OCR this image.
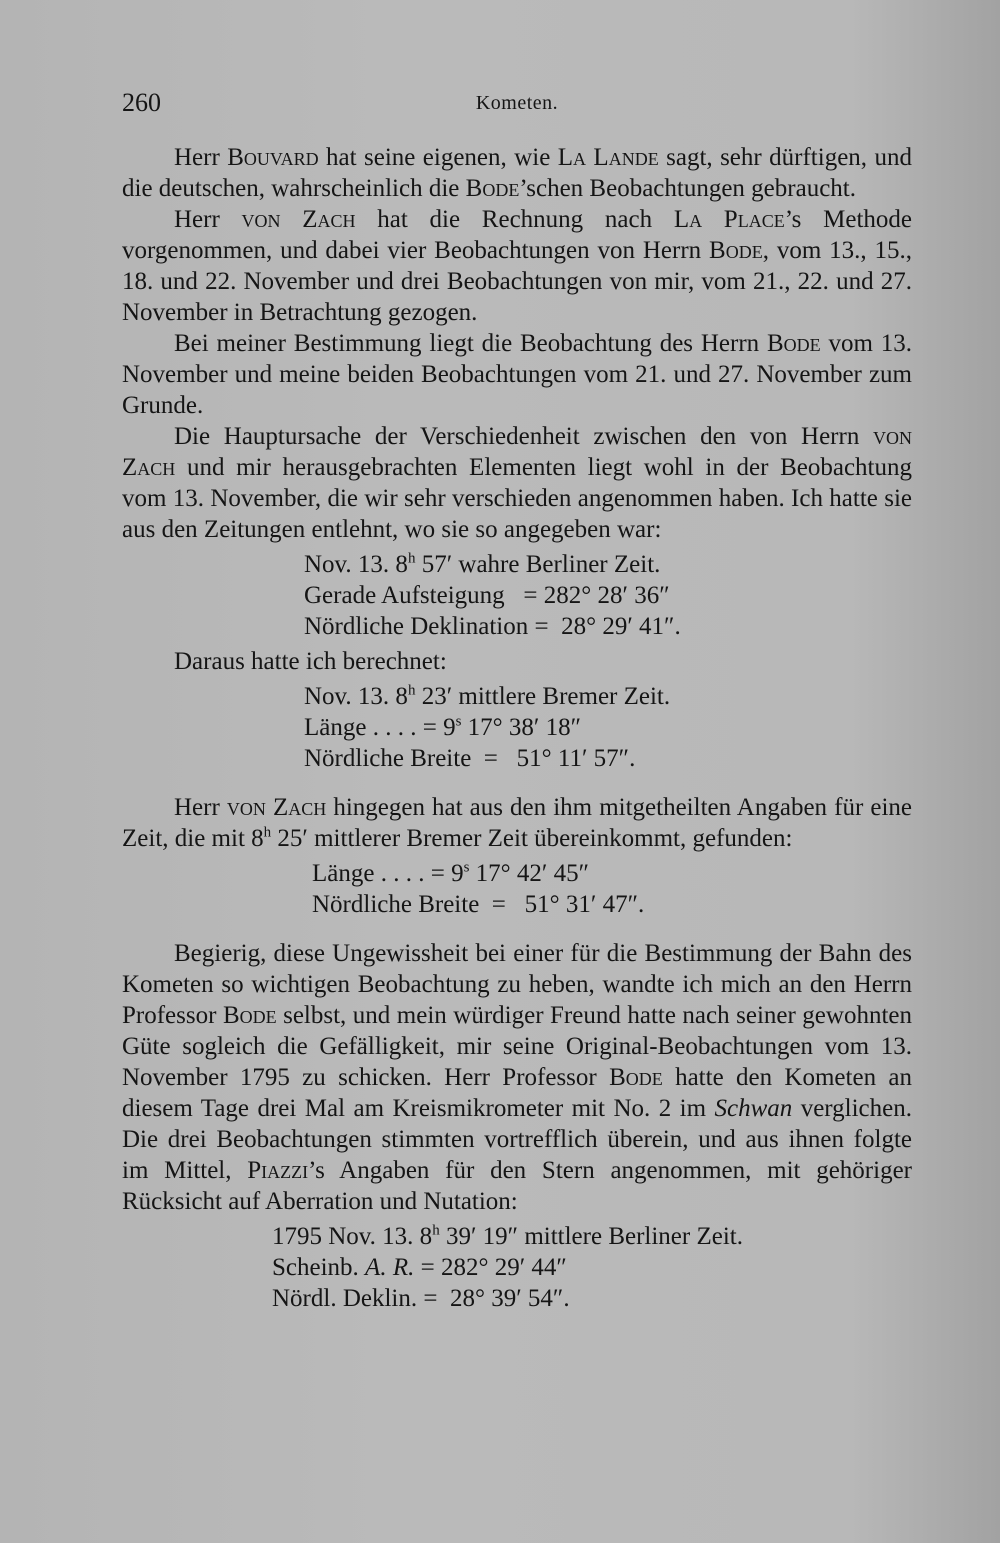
260	Kometen.

Herr Bouvard hat seine eigenen, wie La Lande sagt, sehr dürftigen, und die deutschen, wahrscheinlich die Bode’schen Beobachtungen gebraucht.

Herr von Zach hat die Rechnung nach La Place’s Methode vorgenommen, und dabei vier Beobachtungen von Herrn Bode, vom 13., 15., 18. und 22. November und drei Beobachtungen von mir, vom 21., 22. und 27. November in Betrachtung gezogen.

Bei meiner Bestimmung liegt die Beobachtung des Herrn Bode vom 13. November und meine beiden Beobachtungen vom 21. und 27. November zum Grunde.

Die Hauptursache der Verschiedenheit zwischen den von Herrn von Zach und mir herausgebrachten Elementen liegt wohl in der Beobachtung vom 13. November, die wir sehr verschieden angenommen haben. Ich hatte sie aus den Zeitungen entlehnt, wo sie so angegeben war:

Nov. 13. 8$^h$ 57′ wahre Berliner Zeit.
Gerade Aufsteigung   = 282° 28′ 36″
Nördliche Deklination =  28° 29′ 41″.

Daraus hatte ich berechnet:

Nov. 13. 8$^h$ 23′ mittlere Bremer Zeit.
Länge . . . . = $9^s$ 17° 38′ 18″
Nördliche Breite  =   51° 11′ 57″.

Herr von Zach hingegen hat aus den ihm mitgetheilten Angaben für eine Zeit, die mit 8$^h$ 25′ mittlerer Bremer Zeit übereinkommt, gefunden:

Länge . . . . = $9^s$ 17° 42′ 45″
Nördliche Breite  =   51° 31′ 47″.

Begierig, diese Ungewissheit bei einer für die Bestimmung der Bahn des Kometen so wichtigen Beobachtung zu heben, wandte ich mich an den Herrn Professor Bode selbst, und mein würdiger Freund hatte nach seiner gewohnten Güte sogleich die Gefälligkeit, mir seine Original-Beobachtungen vom 13. November 1795 zu schicken. Herr Professor Bode hatte den Kometen an diesem Tage drei Mal am Kreismikrometer mit No. 2 im Schwan verglichen. Die drei Beobachtungen stimmten vortrefflich überein, und aus ihnen folgte im Mittel, Piazzi’s Angaben für den Stern angenommen, mit gehöriger Rücksicht auf Aberration und Nutation:

1795 Nov. 13. 8$^h$ 39′ 19″ mittlere Berliner Zeit.
Scheinb. A. R. = 282° 29′ 44″
Nördl. Deklin. =  28° 39′ 54″.
